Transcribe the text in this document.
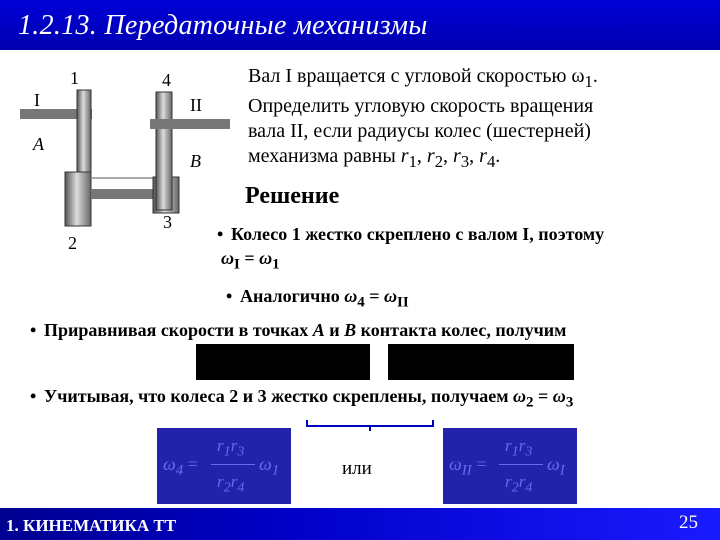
1.2.13. Передаточные механизмы
1	4
I	II
A
B
3
2
Вал I вращается с угловой скоростью $\omega_1$.
Определить угловую скорость вращения
вала II, если радиусы колес (шестерней)
механизма равны $r_1$, $r_2$, $r_3$, $r_4$.
Решение
• Колесо 1 жестко скреплено с валом I, поэтому
$\omega_I = \omega_1$
• Аналогично $\omega_4 = \omega_{II}$
• Приравнивая скорости в точках A и B контакта колес, получим
• Учитывая, что колеса 2 и 3 жестко скреплены, получаем $\omega_2 = \omega_3$
$\omega_4$ =
$r_1r_3$
$r_2r_4$
$\omega_1$	или	$\omega_{II}$ =
$r_1r_3$
$r_2r_4$
$\omega_I$
1. КИНЕМАТИКА ТТ	25
